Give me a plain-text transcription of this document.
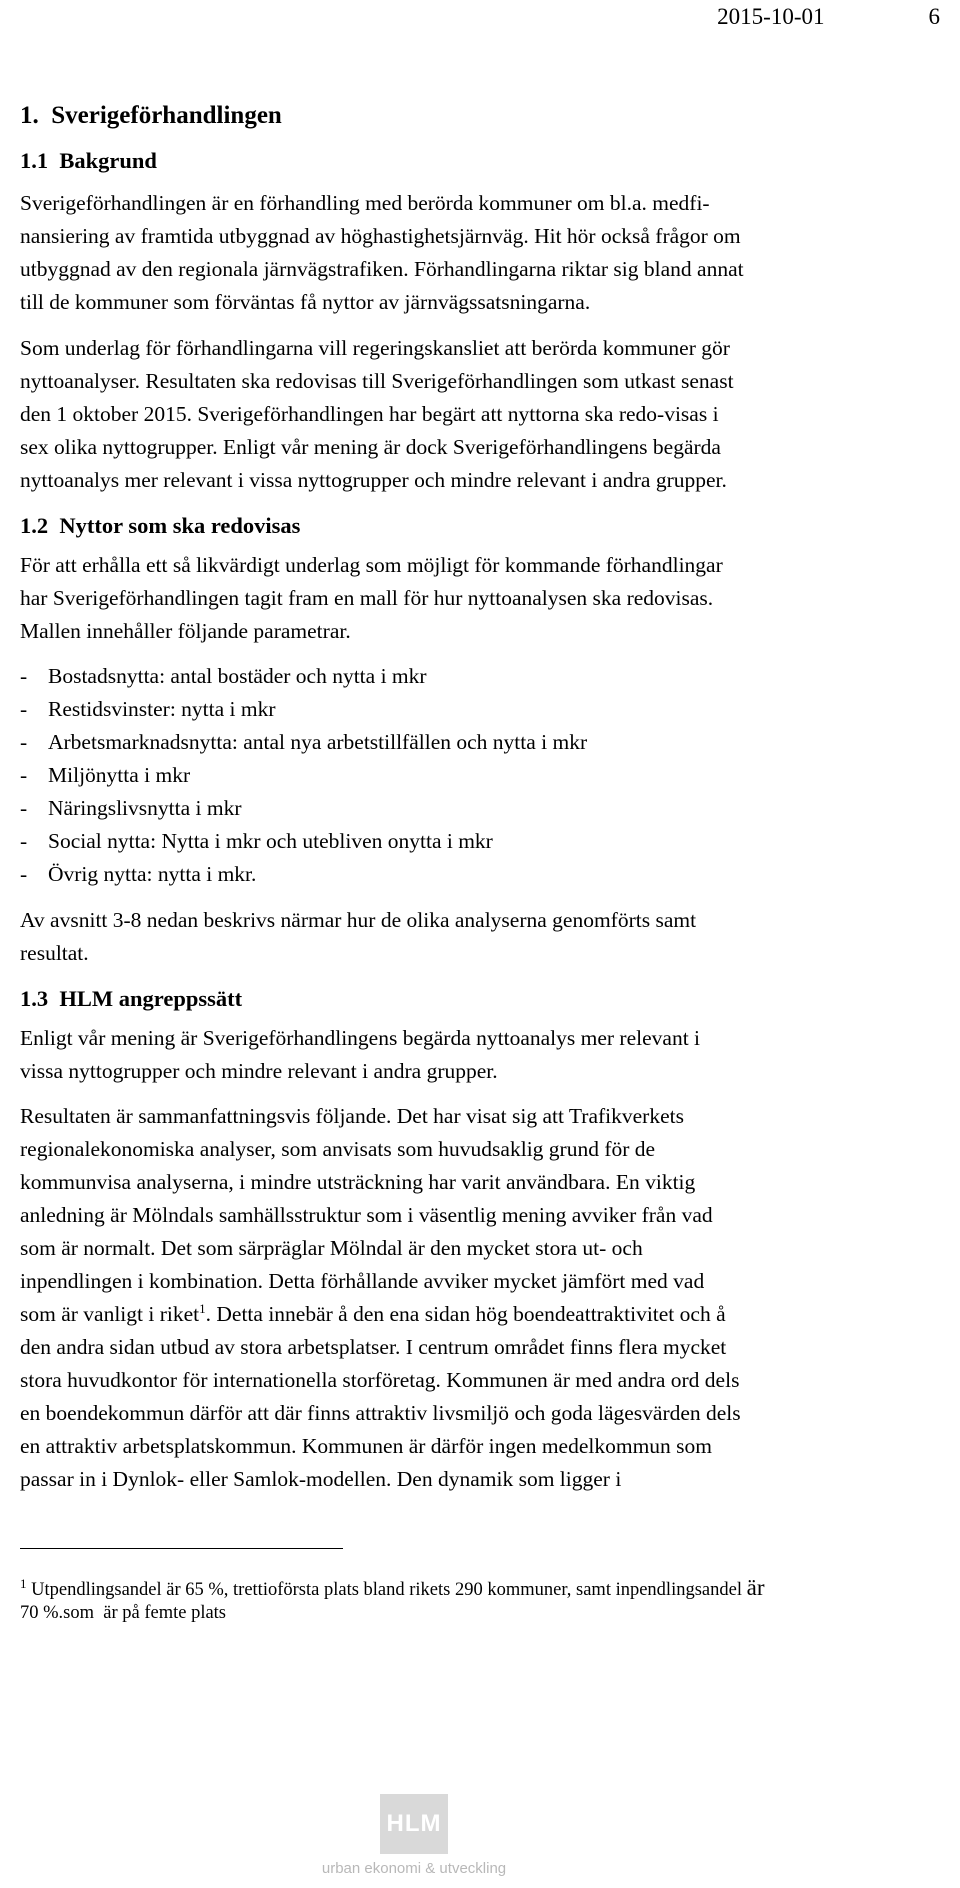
2015-10-01	6
1.  Sverigeförhandlingen
1.1  Bakgrund
Sverigeförhandlingen är en förhandling med berörda kommuner om bl.a. medfi-
nansiering av framtida utbyggnad av höghastighetsjärnväg. Hit hör också frågor om
utbyggnad av den regionala järnvägstrafiken. Förhandlingarna riktar sig bland annat
till de kommuner som förväntas få nyttor av järnvägssatsningarna.
Som underlag för förhandlingarna vill regeringskansliet att berörda kommuner gör
nyttoanalyser. Resultaten ska redovisas till Sverigeförhandlingen som utkast senast
den 1 oktober 2015. Sverigeförhandlingen har begärt att nyttorna ska redo-visas i
sex olika nyttogrupper. Enligt vår mening är dock Sverigeförhandlingens begärda
nyttoanalys mer relevant i vissa nyttogrupper och mindre relevant i andra grupper.
1.2  Nyttor som ska redovisas
För att erhålla ett så likvärdigt underlag som möjligt för kommande förhandlingar
har Sverigeförhandlingen tagit fram en mall för hur nyttoanalysen ska redovisas.
Mallen innehåller följande parametrar.
- Bostadsnytta: antal bostäder och nytta i mkr
- Restidsvinster: nytta i mkr
- Arbetsmarknadsnytta: antal nya arbetstillfällen och nytta i mkr
- Miljönytta i mkr
- Näringslivsnytta i mkr
- Social nytta: Nytta i mkr och utebliven onytta i mkr
- Övrig nytta: nytta i mkr.
Av avsnitt 3-8 nedan beskrivs närmar hur de olika analyserna genomförts samt
resultat.
1.3  HLM angreppssätt
Enligt vår mening är Sverigeförhandlingens begärda nyttoanalys mer relevant i
vissa nyttogrupper och mindre relevant i andra grupper.
Resultaten är sammanfattningsvis följande. Det har visat sig att Trafikverkets
regionalekonomiska analyser, som anvisats som huvudsaklig grund för de
kommunvisa analyserna, i mindre utsträckning har varit användbara. En viktig
anledning är Mölndals samhällsstruktur som i väsentlig mening avviker från vad
som är normalt. Det som särpräglar Mölndal är den mycket stora ut- och
inpendlingen i kombination. Detta förhållande avviker mycket jämfört med vad
som är vanligt i riket$^1$. Detta innebär å den ena sidan hög boendeattraktivitet och å
den andra sidan utbud av stora arbetsplatser. I centrum området finns flera mycket
stora huvudkontor för internationella storföretag. Kommunen är med andra ord dels
en boendekommun därför att där finns attraktiv livsmiljö och goda lägesvärden dels
en attraktiv arbetsplatskommun. Kommunen är därför ingen medelkommun som
passar in i Dynlok- eller Samlok-modellen. Den dynamik som ligger i
$^1$ Utpendlingsandel är 65 %, trettioförsta plats bland rikets 290 kommuner, samt inpendlingsandel är
70 %.som  är på femte plats
HLM
urban ekonomi & utveckling
